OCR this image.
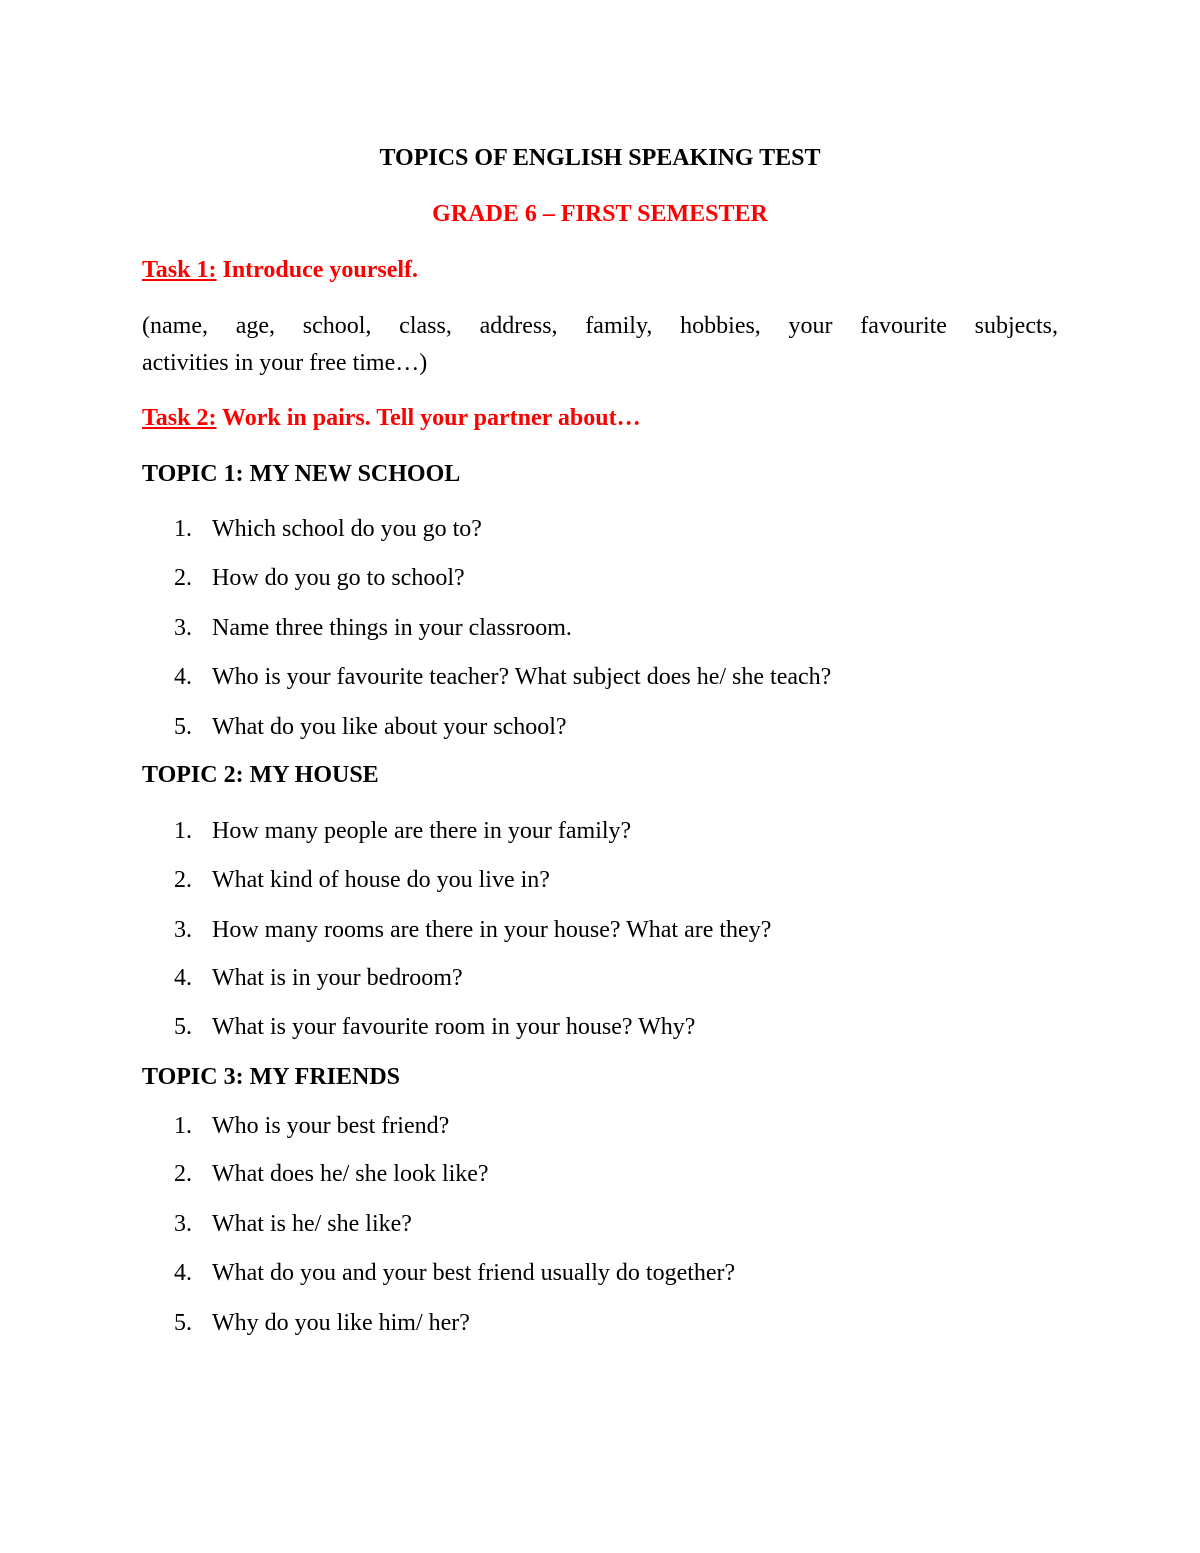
TOPICS OF ENGLISH SPEAKING TEST
GRADE 6 – FIRST SEMESTER
Task 1: Introduce yourself.
(name, age, school, class, address, family, hobbies, your favourite subjects,
activities in your free time…)
Task 2: Work in pairs. Tell your partner about…
TOPIC 1: MY NEW SCHOOL
1. Which school do you go to?
2. How do you go to school?
3. Name three things in your classroom.
4. Who is your favourite teacher? What subject does he/ she teach?
5. What do you like about your school?
TOPIC 2: MY HOUSE
1. How many people are there in your family?
2. What kind of house do you live in?
3. How many rooms are there in your house? What are they?
4. What is in your bedroom?
5. What is your favourite room in your house? Why?
TOPIC 3: MY FRIENDS
1. Who is your best friend?
2. What does he/ she look like?
3. What is he/ she like?
4. What do you and your best friend usually do together?
5. Why do you like him/ her?
